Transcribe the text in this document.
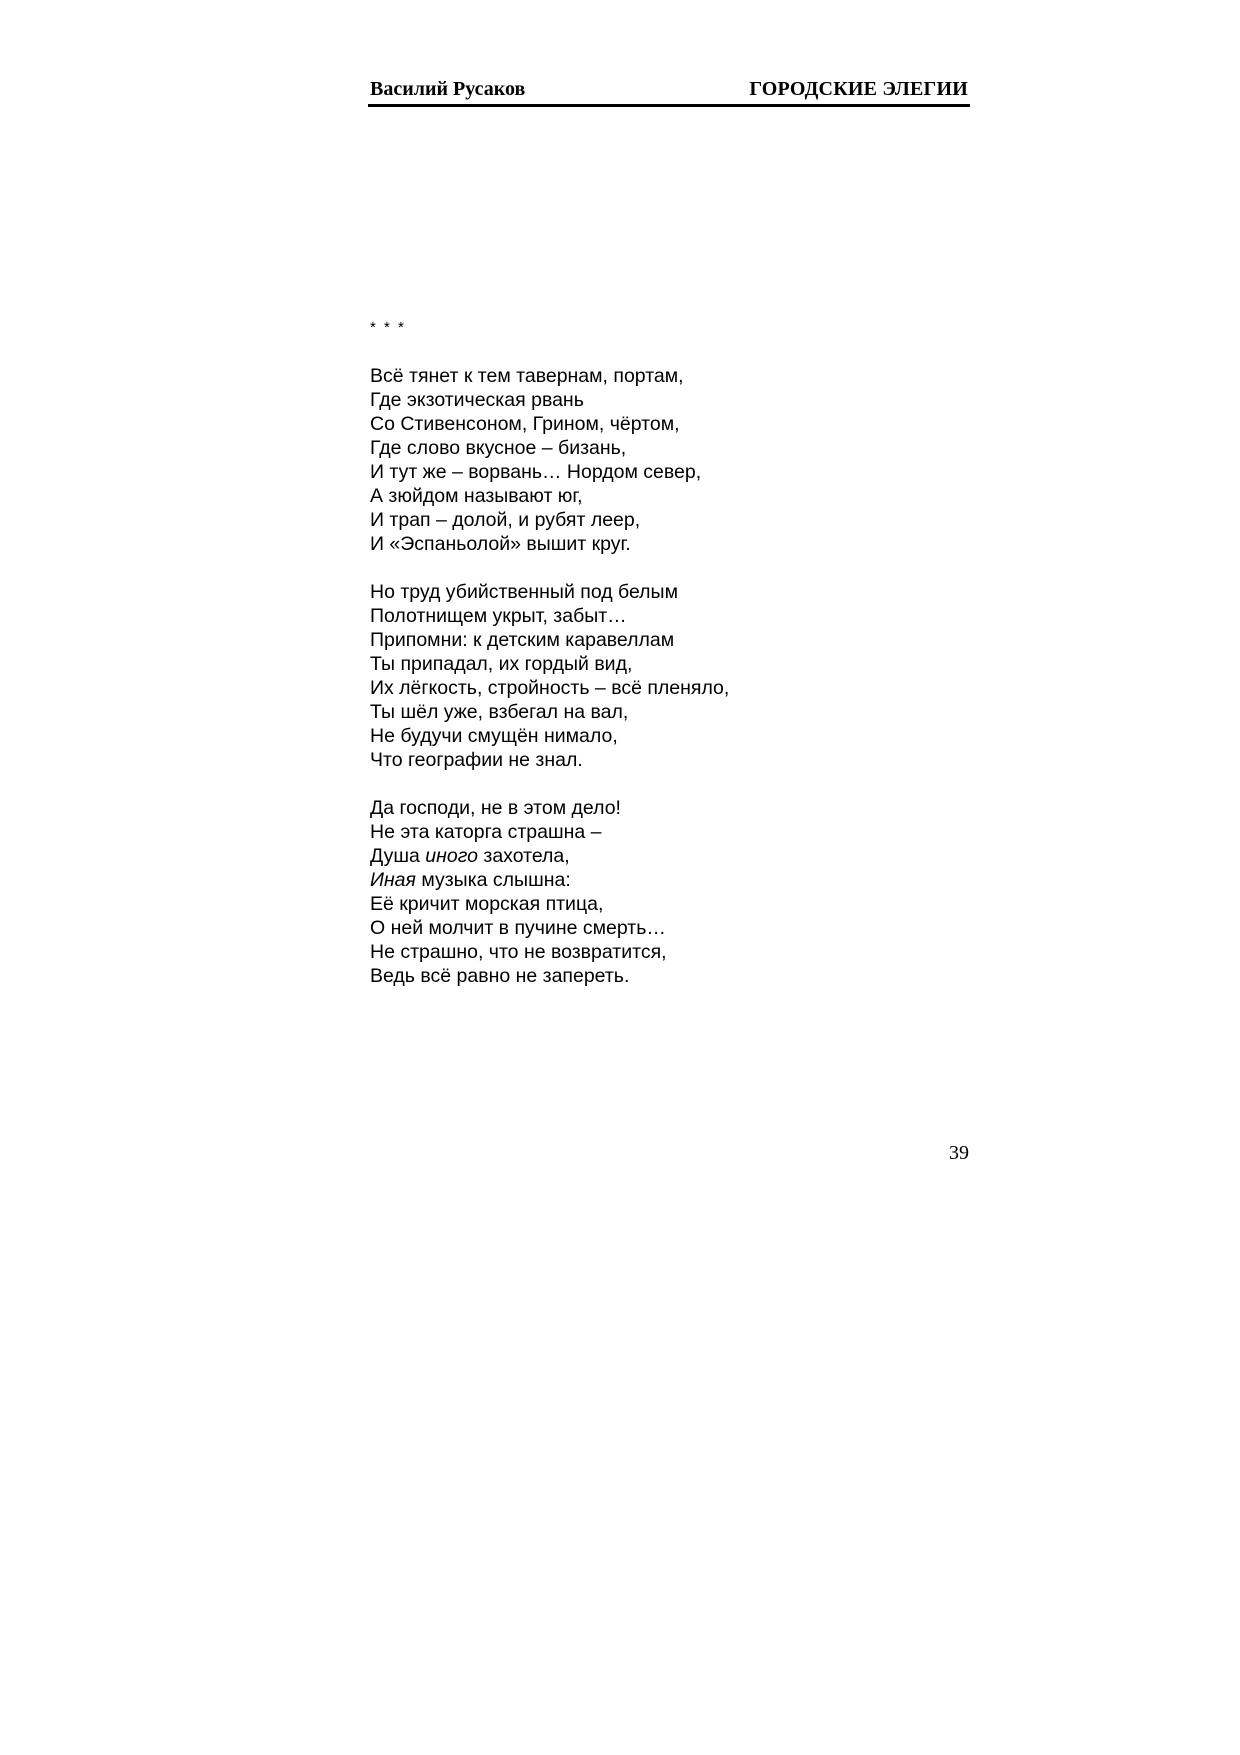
Василий Русаков	ГОРОДСКИЕ ЭЛЕГИИ
* * *
Всё тянет к тем тавернам, портам,
Где экзотическая рвань
Со Стивенсоном, Грином, чёртом,
Где слово вкусное – бизань,
И тут же – ворвань… Нордом север,
А зюйдом называют юг,
И трап – долой, и рубят леер,
И «Эспаньолой» вышит круг.
Но труд убийственный под белым
Полотнищем укрыт, забыт…
Припомни: к детским каравеллам
Ты припадал, их гордый вид,
Их лёгкость, стройность – всё пленяло,
Ты шёл уже, взбегал на вал,
Не будучи смущён нимало,
Что географии не знал.
Да господи, не в этом дело!
Не эта каторга страшна –
Душа иного захотела,
Иная музыка слышна:
Её кричит морская птица,
О ней молчит в пучине смерть…
Не страшно, что не возвратится,
Ведь всё равно не запереть.
39
